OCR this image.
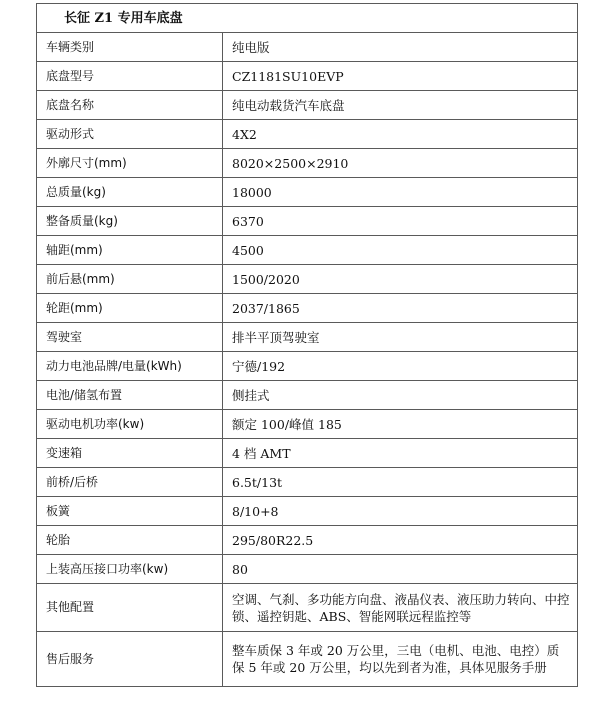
长征 Z1 专用车底盘	
车辆类别	纯电版
底盘型号	CZ1181SU10EVP
底盘名称	纯电动载货汽车底盘
驱动形式	4X2
外廓尺寸(mm)	8020×2500×2910
总质量(kg)	18000
整备质量(kg)	6370
轴距(mm)	4500
前后悬(mm)	1500/2020
轮距(mm)	2037/1865
驾驶室	排半平顶驾驶室
动力电池品牌/电量(kWh)	宁德/192
电池/储氢布置	侧挂式
驱动电机功率(kw)	额定 100/峰值 185
变速箱	4 档 AMT
前桥/后桥	6.5t/13t
板簧	8/10+8
轮胎	295/80R22.5
上装高压接口功率(kw)	80
其他配置	空调、气刹、多功能方向盘、液晶仪表、液压助力转向、中控锁、遥控钥匙、ABS、智能网联远程监控等
售后服务	整车质保 3 年或 20 万公里，三电（电机、电池、电控）质保 5 年或 20 万公里，均以先到者为准，具体见服务手册
